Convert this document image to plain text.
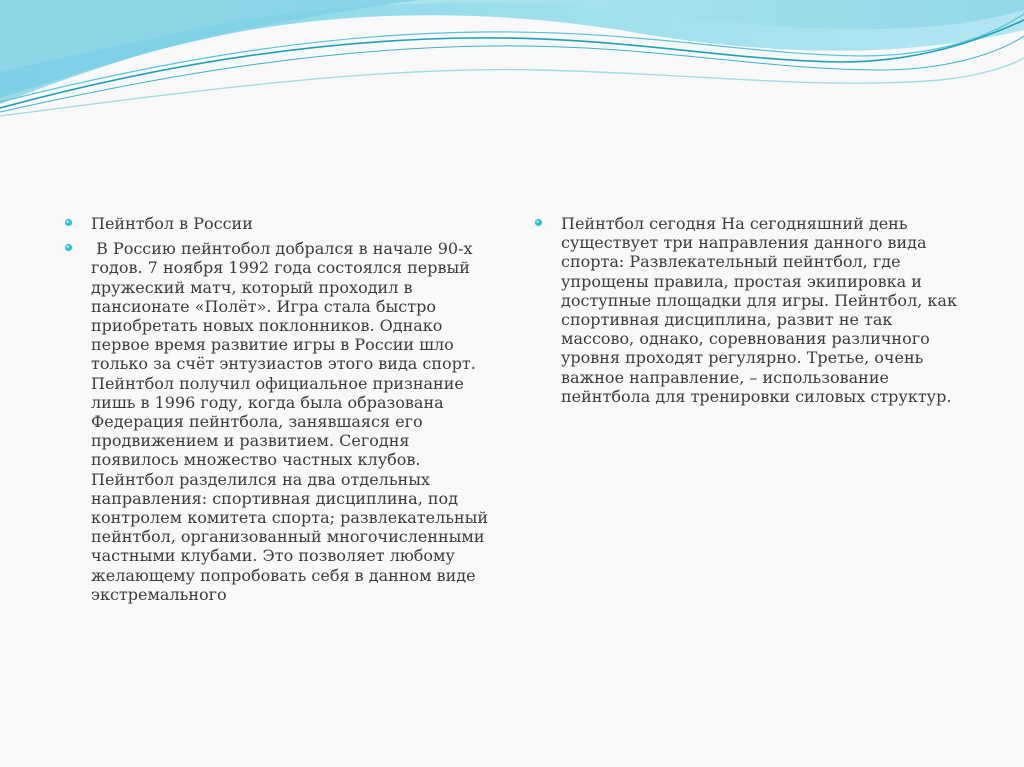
Пейнтбол в России
В Россию пейнтобол добрался в начале 90-х годов. 7 ноября 1992 года состоялся первый дружеский матч, который проходил в пансионате «Полёт». Игра стала быстро приобретать новых поклонников. Однако первое время развитие игры в России шло только за счёт энтузиастов этого вида спорт. Пейнтбол получил официальное признание лишь в 1996 году, когда была образована Федерация пейнтбола, занявшаяся его продвижением и развитием. Сегодня появилось множество частных клубов. Пейнтбол разделился на два отдельных направления: спортивная дисциплина, под контролем комитета спорта; развлекательный пейнтбол, организованный многочисленными частными клубами. Это позволяет любому желающему попробовать себя в данном виде экстремального
Пейнтбол сегодня На сегодняшний день существует три направления данного вида спорта: Развлекательный пейнтбол, где упрощены правила, простая экипировка и доступные площадки для игры. Пейнтбол, как спортивная дисциплина, развит не так массово, однако, соревнования различного уровня проходят регулярно. Третье, очень важное направление, – использование пейнтбола для тренировки силовых структур.
